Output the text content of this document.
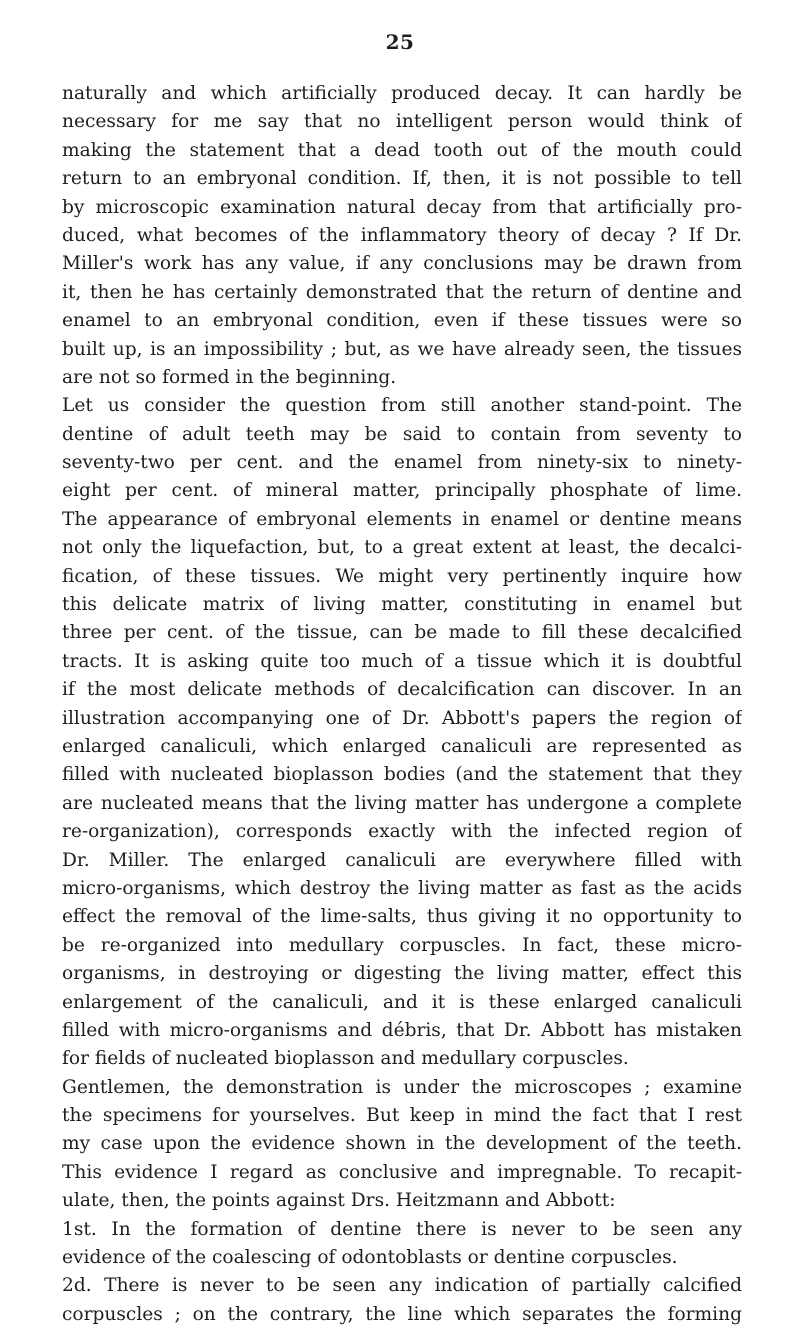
25
naturally and which artificially produced decay. It can hardly be
necessary for me say that no intelligent person would think of
making the statement that a dead tooth out of the mouth could
return to an embryonal condition. If, then, it is not possible to tell
by microscopic examination natural decay from that artificially pro-
duced, what becomes of the inflammatory theory of decay ? If Dr.
Miller's work has any value, if any conclusions may be drawn from
it, then he has certainly demonstrated that the return of dentine and
enamel to an embryonal condition, even if these tissues were so
built up, is an impossibility ; but, as we have already seen, the tissues
are not so formed in the beginning.
Let us consider the question from still another stand-point. The
dentine of adult teeth may be said to contain from seventy to
seventy-two per cent. and the enamel from ninety-six to ninety-
eight per cent. of mineral matter, principally phosphate of lime.
The appearance of embryonal elements in enamel or dentine means
not only the liquefaction, but, to a great extent at least, the decalci-
fication, of these tissues. We might very pertinently inquire how
this delicate matrix of living matter, constituting in enamel but
three per cent. of the tissue, can be made to fill these decalcified
tracts. It is asking quite too much of a tissue which it is doubtful
if the most delicate methods of decalcification can discover. In an
illustration accompanying one of Dr. Abbott's papers the region of
enlarged canaliculi, which enlarged canaliculi are represented as
filled with nucleated bioplasson bodies (and the statement that they
are nucleated means that the living matter has undergone a complete
re-organization), corresponds exactly with the infected region of
Dr. Miller. The enlarged canaliculi are everywhere filled with
micro-organisms, which destroy the living matter as fast as the acids
effect the removal of the lime-salts, thus giving it no opportunity to
be re-organized into medullary corpuscles. In fact, these micro-
organisms, in destroying or digesting the living matter, effect this
enlargement of the canaliculi, and it is these enlarged canaliculi
filled with micro-organisms and débris, that Dr. Abbott has mistaken
for fields of nucleated bioplasson and medullary corpuscles.
Gentlemen, the demonstration is under the microscopes ; examine
the specimens for yourselves. But keep in mind the fact that I rest
my case upon the evidence shown in the development of the teeth.
This evidence I regard as conclusive and impregnable. To recapit-
ulate, then, the points against Drs. Heitzmann and Abbott:
1st. In the formation of dentine there is never to be seen any
evidence of the coalescing of odontoblasts or dentine corpuscles.
2d. There is never to be seen any indication of partially calcified
corpuscles ; on the contrary, the line which separates the forming
